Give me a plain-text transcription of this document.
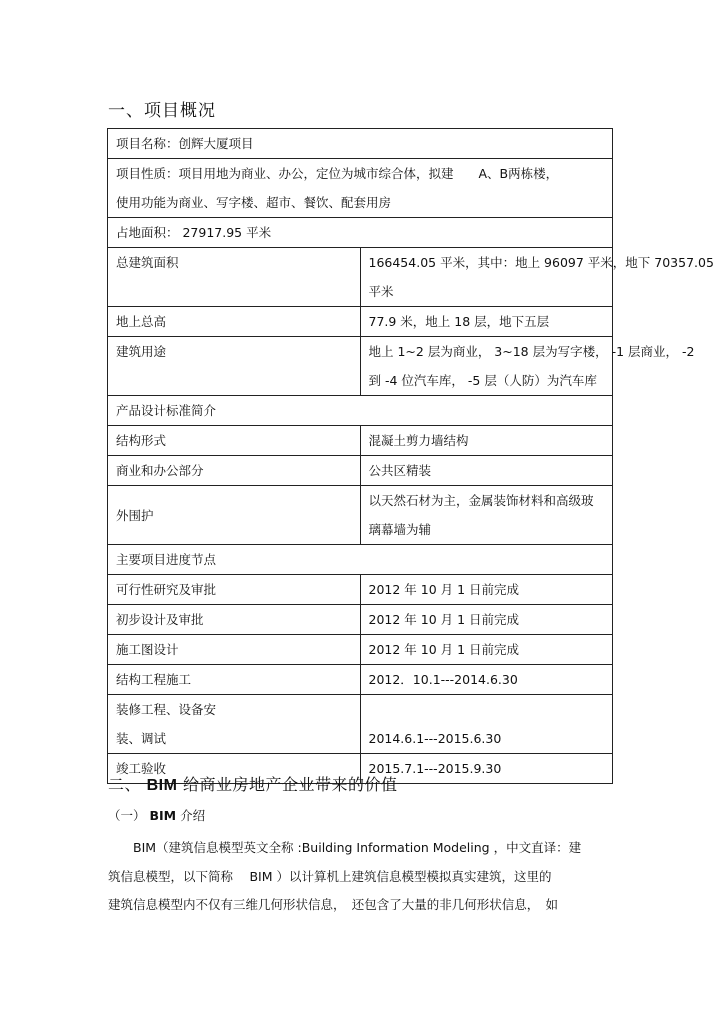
一、项目概况
项目名称：创辉大厦项目	

项目性质：项目用地为商业、办公，定位为城市综合体，拟建　　A、B两栋楼，
使用功能为商业、写字楼、超市、餐饮、配套用房	

占地面积： 27917.95 平米	
总建筑面积	166454.05 平米，其中：地上 96097 平米，地下 70357.05
平米

地上总高	77.9 米，地上 18 层，地下五层
建筑用途	地上 1~2 层为商业， 3~18 层为写字楼， -1 层商业， -2
到 -4 位汽车库， -5 层（人防）为汽车库

产品设计标准简介	
结构形式	混凝土剪力墙结构
商业和办公部分	公共区精装
外围护	以天然石材为主，金属装饰材料和高级玻璃幕墙为辅
主要项目进度节点	
可行性研究及审批	2012 年 10 月 1 日前完成
初步设计及审批	2012 年 10 月 1 日前完成
施工图设计	2012 年 10 月 1 日前完成
结构工程施工	2012．10.1---2014.6.30

装修工程、设备安
装、调试	2014.6.1---2015.6.30
竣工验收	2015.7.1---2015.9.30
二、 BIM 给商业房地产企业带来的价值
（一） BIM 介绍
　　BIM（建筑信息模型英文全称 :Building Information Modeling ，中文直译：建
筑信息模型，以下简称　 BIM ）以计算机上建筑信息模型模拟真实建筑，这里的
建筑信息模型内不仅有三维几何形状信息，　还包含了大量的非几何形状信息，　如
